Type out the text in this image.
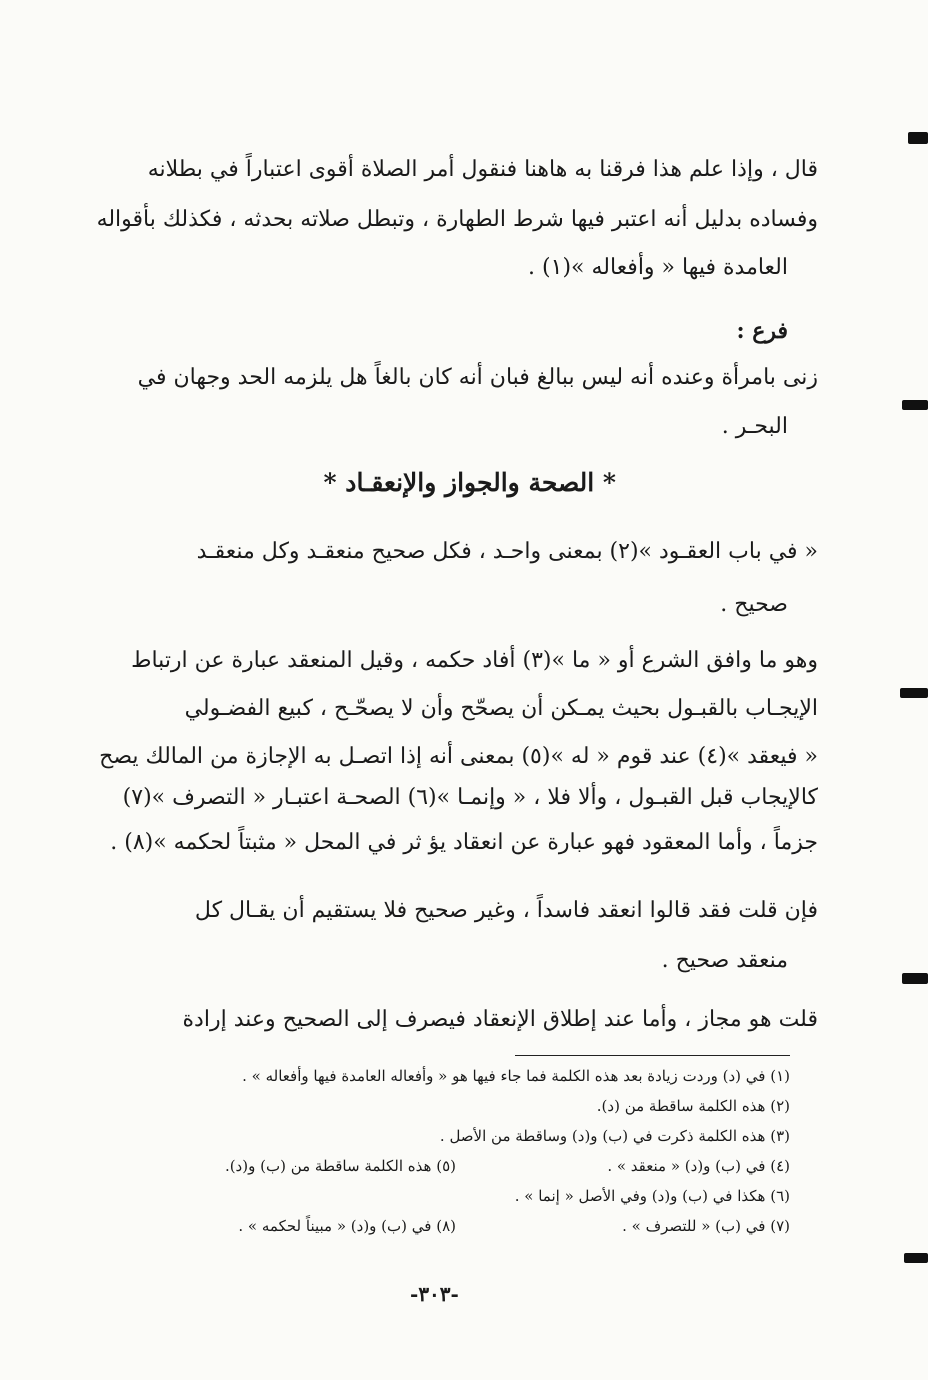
قال ، وإذا علم هذا فرقنا به هاهنا فنقول أمر الصلاة أقوى اعتباراً في بطلانه
وفساده بدليل أنه اعتبر فيها شرط الطهارة ، وتبطل صلاته بحدثه ، فكذلك بأقواله
العامدة فيها « وأفعاله »(١) .
فرع :
زنى بامرأة وعنده أنه ليس ببالغ فبان أنه كان بالغاً هل يلزمه الحد وجهان في
البحـر .
* الصحة والجواز والإنعقـاد *
« في باب العقـود »(٢) بمعنى واحـد ، فكل صحيح منعقـد وكل منعقـد
صحيح .
وهو ما وافق الشرع أو « ما »(٣) أفاد حكمه ، وقيل المنعقد عبارة عن ارتباط
الإيجـاب بالقبـول بحيث يمـكن أن يصحّح وأن لا يصحّـح ، كبيع الفضـولي
« فيعقد »(٤) عند قوم « له »(٥) بمعنى أنه إذا اتصـل به الإجازة من المالك يصح
كالإيجاب قبل القبـول ، وألا فلا ، « وإنمـا »(٦) الصحـة اعتبـار « التصرف »(٧)
جزماً ، وأما المعقود فهو عبارة عن انعقاد يؤ ثر في المحل « مثبتاً لحكمه »(٨) .
فإن قلت فقد قالوا انعقد فاسداً ، وغير صحيح فلا يستقيم أن يقـال كل
منعقد صحيح .
قلت هو مجاز ، وأما عند إطلاق الإنعقاد فيصرف إلى الصحيح وعند إرادة
(١) في (د) وردت زيادة بعد هذه الكلمة فما جاء فيها هو « وأفعاله العامدة فيها وأفعاله » .
(٢) هذه الكلمة ساقطة من (د).
(٣) هذه الكلمة ذكرت في (ب) و(د) وساقطة من الأصل .
(٤) في (ب) و(د) « منعقد » .
(٥) هذه الكلمة ساقطة من (ب) و(د).
(٦) هكذا في (ب) و(د) وفي الأصل « إنما » .
(٧) في (ب) « للتصرف » .
(٨) في (ب) و(د) « مبيناً لحكمه » .
-٣٠٣-
